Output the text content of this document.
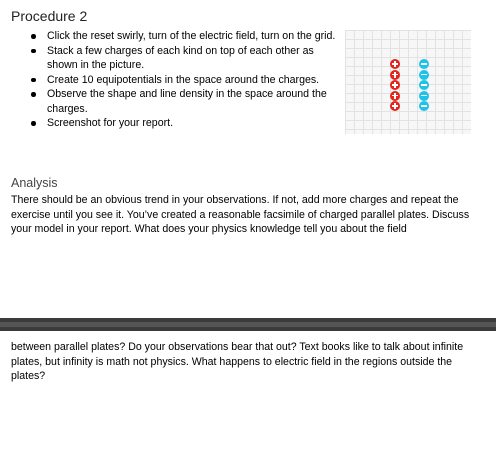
Procedure 2
Click the reset swirly, turn of the electric field, turn on the grid.
Stack a few charges of each kind on top of each other as shown in the picture.
Create 10 equipotentials in the space around the charges.
Observe the shape and line density in the space around the charges.
Screenshot for your report.
Analysis

There should be an obvious trend in your observations. If not, add more charges and repeat the exercise until you see it. You’ve created a reasonable facsimile of charged parallel plates. Discuss your model in your report. What does your physics knowledge tell you about the field

between parallel plates? Do your observations bear that out? Text books like to talk about infinite plates, but infinity is math not physics. What happens to electric field in the regions outside the plates?
